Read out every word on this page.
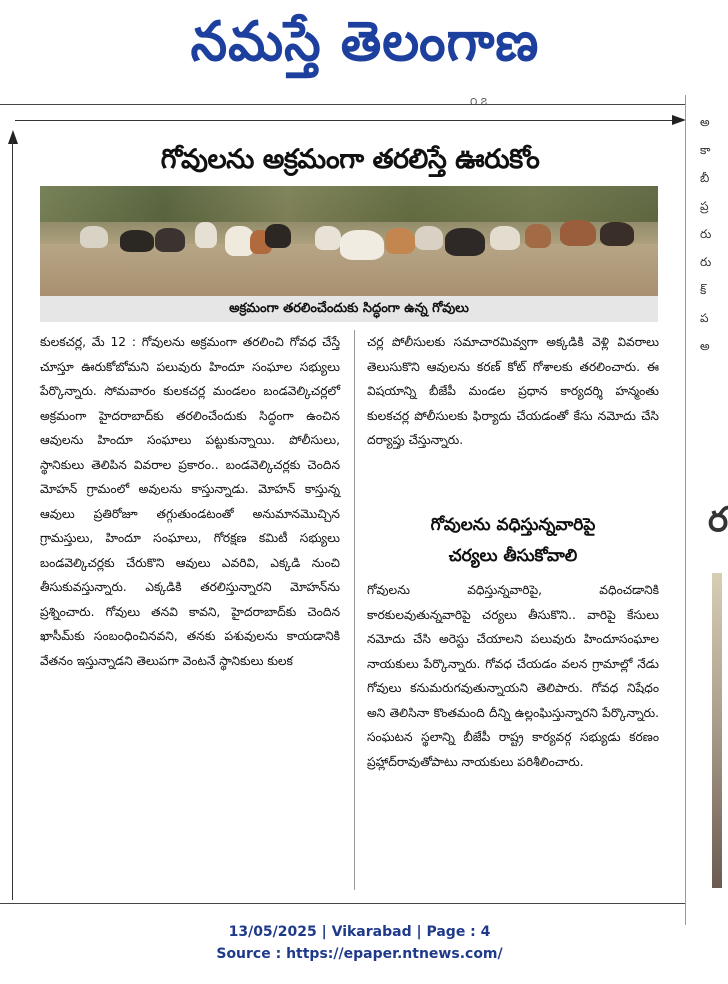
నమస్తే తెలంగాణ
౧ ౭
గోవులను అక్రమంగా తరలిస్తే ఊరుకోం
అక్రమంగా తరలించేందుకు సిద్ధంగా ఉన్న గోవులు
కులకచర్ల, మే 12 : గోవులను అక్రమంగా తరలించి గోవధ చేస్తే చూస్తూ ఊరుకోబోమని పలువురు హిందూ సంఘాల సభ్యులు పేర్కొన్నారు. సోమవారం కులకచర్ల మండలం బండవెల్కిచర్లలో అక్రమంగా హైదరాబాద్‌కు తరలించేందుకు సిద్ధంగా ఉంచిన ఆవులను హిందూ సంఘాలు పట్టుకున్నాయి. పోలీసులు, స్థానికులు తెలిపిన వివరాల ప్రకారం.. బండవెల్కిచర్లకు చెందిన మోహన్ గ్రామంలో అవులను కాస్తున్నాడు. మోహన్ కాస్తున్న ఆవులు ప్రతిరోజూ తగ్గుతుండటంతో అనుమానమొచ్చిన గ్రామస్తులు, హిందూ సంఘాలు, గోరక్షణ కమిటీ సభ్యులు బండవెల్కిచర్లకు చేరుకొని ఆవులు ఎవరివి, ఎక్కడి నుంచి తీసుకువస్తున్నారు. ఎక్కడికి తరలిస్తున్నారని మోహన్‌ను ప్రశ్నించారు. గోవులు తనవి కావని, హైదరాబాద్‌కు చెందిన ఖాసీమ్‌కు సంబంధించినవని, తనకు పశువులను కాయడానికి వేతనం ఇస్తున్నాడని తెలుపగా వెంటనే స్థానికులు కులక
చర్ల పోలీసులకు సమాచారమివ్వగా అక్కడికి వెళ్లి వివరాలు తెలుసుకొని ఆవులను కరణ్ కోట్ గోశాలకు తరలించారు. ఈ విషయాన్ని బీజేపీ మండల ప్రధాన కార్యదర్శి హన్మంతు కులకచర్ల పోలీసులకు ఫిర్యాదు చేయడంతో కేసు నమోదు చేసి దర్యాప్తు చేస్తున్నారు.
గోవులను వధిస్తున్నవారిపై
చర్యలు తీసుకోవాలి
గోవులను వధిస్తున్నవారిపై, వధించడానికి కారకులవుతున్నవారిపై చర్యలు తీసుకొని.. వారిపై కేసులు నమోదు చేసి అరెస్టు చేయాలని పలువురు హిందూసంఘాల నాయకులు పేర్కొన్నారు. గోవధ చేయడం వలన గ్రామాల్లో నేడు గోవులు కనుమరుగవుతున్నాయని తెలిపారు. గోవధ నిషేధం అని తెలిసినా కొంతమంది దీన్ని ఉల్లంఘిస్తున్నారని పేర్కొన్నారు. సంఘటన స్థలాన్ని బీజేపీ రాష్ట్ర కార్యవర్గ సభ్యుడు కరణం ప్రహ్లాద్‌రావుతోపాటు నాయకులు పరిశీలించారు.
అ
కా
బీ
ప్ర
రు
రు
క్
ప
అ
ర
13/05/2025 | Vikarabad | Page : 4
Source : https://epaper.ntnews.com/
